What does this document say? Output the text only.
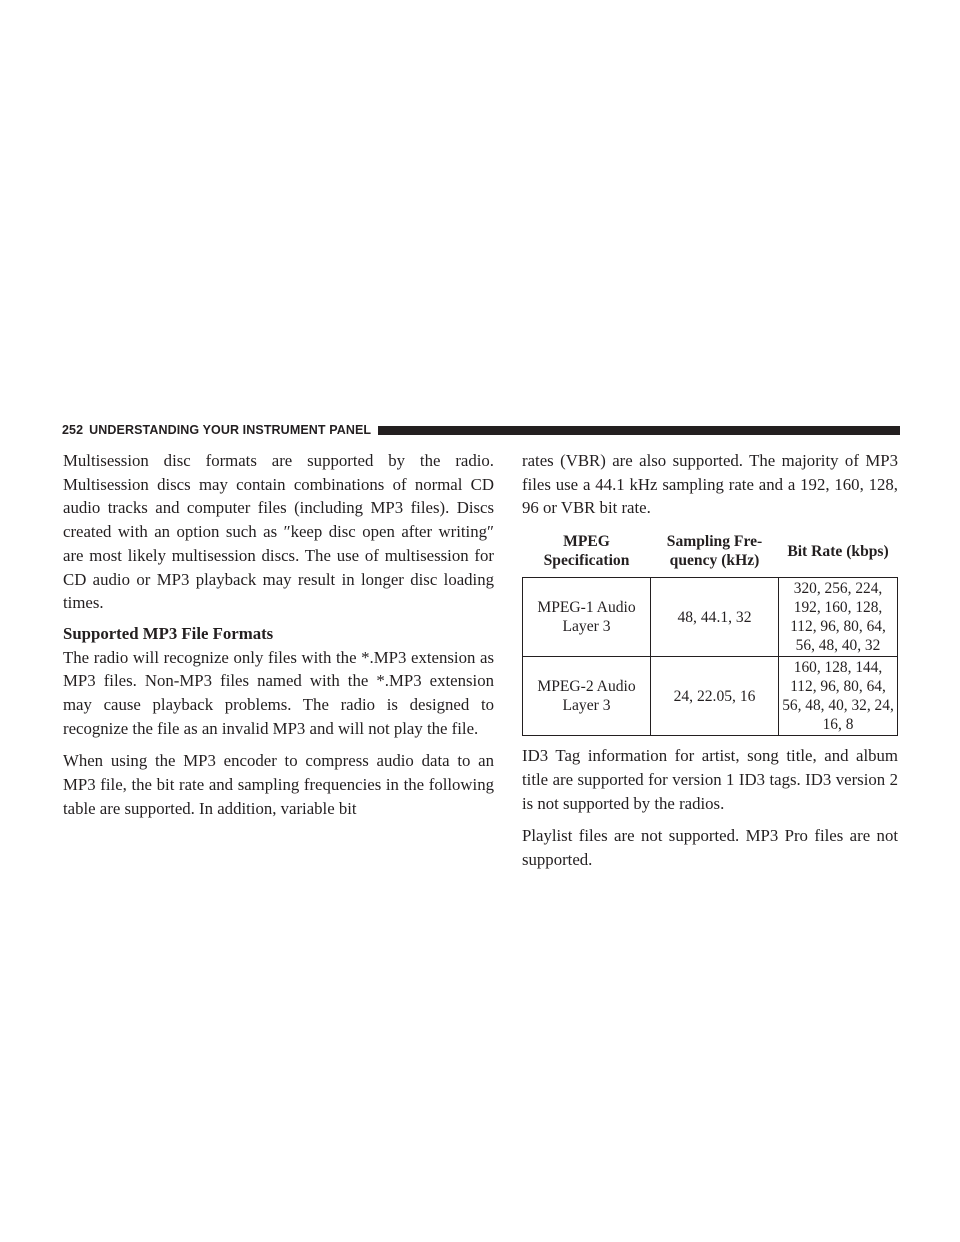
252 UNDERSTANDING YOUR INSTRUMENT PANEL

Multisession disc formats are supported by the radio. Multisession discs may contain combinations of normal CD audio tracks and computer files (including MP3 files). Discs created with an option such as ″keep disc open after writing″ are most likely multisession discs. The use of multisession for CD audio or MP3 playback may result in longer disc loading times.

Supported MP3 File Formats

The radio will recognize only files with the *.MP3 extension as MP3 files. Non-MP3 files named with the *.MP3 extension may cause playback problems. The radio is designed to recognize the file as an invalid MP3 and will not play the file.

When using the MP3 encoder to compress audio data to an MP3 file, the bit rate and sampling frequencies in the following table are supported. In addition, variable bit

rates (VBR) are also supported. The majority of MP3 files use a 44.1 kHz sampling rate and a 192, 160, 128, 96 or VBR bit rate.

MPEG Specification	Sampling Frequency (kHz)	Bit Rate (kbps)
MPEG-1 Audio Layer 3	48, 44.1, 32	320, 256, 224, 192, 160, 128, 112, 96, 80, 64, 56, 48, 40, 32
MPEG-2 Audio Layer 3	24, 22.05, 16	160, 128, 144, 112, 96, 80, 64, 56, 48, 40, 32, 24, 16, 8

ID3 Tag information for artist, song title, and album title are supported for version 1 ID3 tags. ID3 version 2 is not supported by the radios.

Playlist files are not supported. MP3 Pro files are not supported.
